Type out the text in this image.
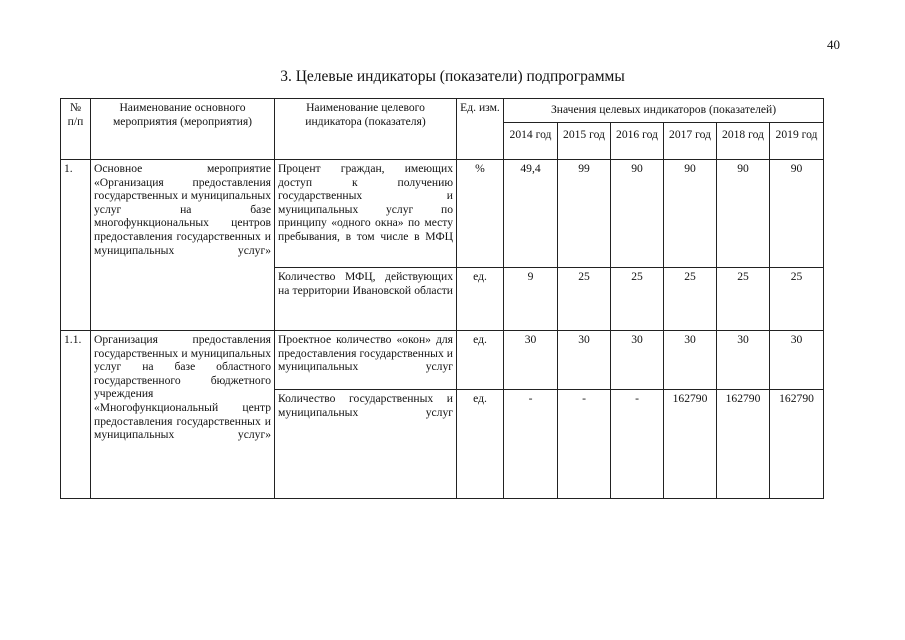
40
3. Целевые индикаторы (показатели) подпрограммы
№ п/п	Наименование основного мероприятия (мероприятия)	Наименование целевого индикатора (показателя)	Ед. изм.	Значения целевых индикаторов (показателей)					
				2014 год	2015 год	2016 год	2017 год	2018 год	2019 год
1.	Основное мероприятие «Организация предоставления государственных и муниципальных услуг на базе многофункциональных центров предоставления государственных и муниципальных услуг»	Процент граждан, имеющих доступ к получению государственных и муниципальных услуг по принципу «одного окна» по месту пребывания, в том числе в МФЦ	%	49,4	99	90	90	90	90
		Количество МФЦ, действующих на территории Ивановской области	ед.	9	25	25	25	25	25
1.1.	Организация предоставления государственных и муниципальных услуг на базе областного государственного бюджетного учреждения «Многофункциональный центр предоставления государственных и муниципальных услуг»	Проектное количество «окон» для предоставления государственных и муниципальных услуг	ед.	30	30	30	30	30	30
		Количество государственных и муниципальных услуг	ед.	-	-	-	162790	162790	162790
